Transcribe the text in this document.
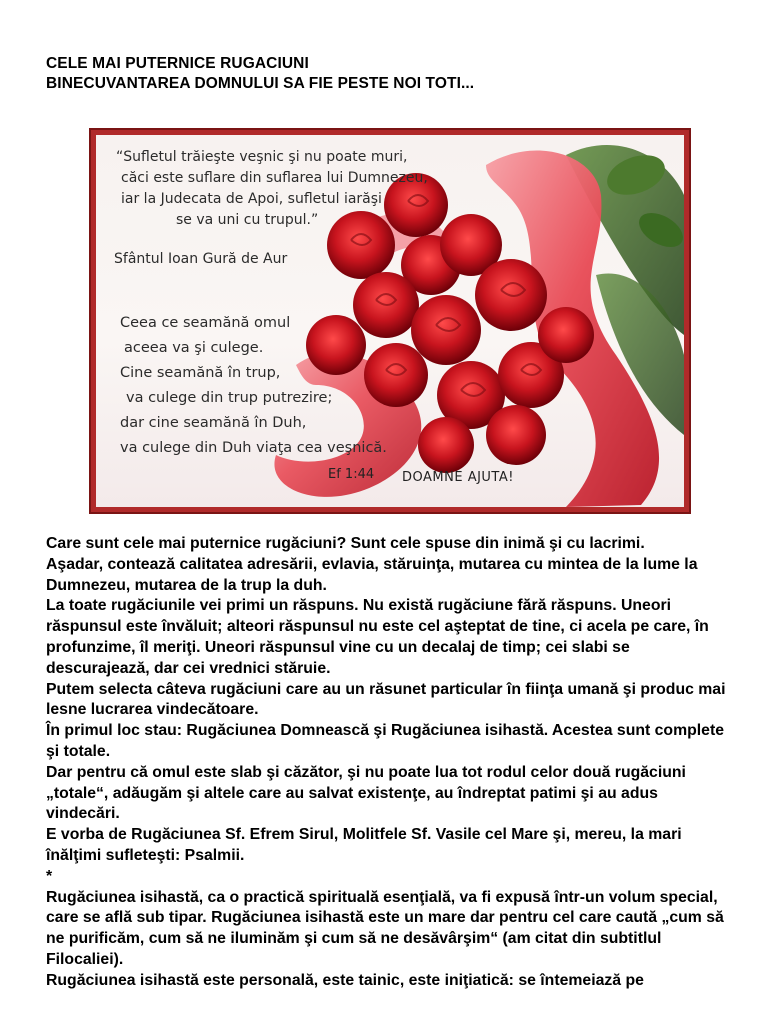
CELE MAI PUTERNICE RUGACIUNI
BINECUVANTAREA DOMNULUI SA FIE PESTE NOI TOTI...
“Sufletul trăieşte veşnic şi nu poate muri,
căci este suflare din suflarea lui Dumnezeu,
iar la Judecata de Apoi, sufletul iarăşi
se va uni cu trupul.”
Sfântul Ioan Gură de Aur
Ceea ce seamănă omul
aceea va şi culege.
Cine seamănă în trup,
va culege din trup putrezire;
dar cine seamănă în Duh,
va culege din Duh viaţa cea veşnică.
Ef 1:44 DOAMNE AJUTA!

Care sunt cele mai puternice rugăciuni? Sunt cele spuse din inimă şi cu lacrimi.

Aşadar, contează calitatea adresării, evlavia, stăruinţa, mutarea cu mintea de la lume la Dumnezeu, mutarea de la trup la duh.

La toate rugăciunile vei primi un răspuns. Nu există rugăciune fără răspuns. Uneori răspunsul este învăluit; alteori răspunsul nu este cel aşteptat de tine, ci acela pe care, în profunzime, îl meriţi. Uneori răspunsul vine cu un decalaj de timp; cei slabi se descurajează, dar cei vrednici stăruie.

Putem selecta câteva rugăciuni care au un răsunet particular în fiinţa umană şi produc mai lesne lucrarea vindecătoare.

În primul loc stau: Rugăciunea Domnească şi Rugăciunea isihastă. Acestea sunt complete şi totale.

Dar pentru că omul este slab şi căzător, şi nu poate lua tot rodul celor două rugăciuni „totale“, adăugăm şi altele care au salvat existenţe, au îndreptat patimi şi au adus vindecări.

E vorba de Rugăciunea Sf. Efrem Sirul, Molitfele Sf. Vasile cel Mare şi, mereu, la mari înălţimi sufleteşti: Psalmii.

*

Rugăciunea isihastă, ca o practică spirituală esenţială, va fi expusă într-un volum special, care se află sub tipar. Rugăciunea isihastă este un mare dar pentru cel care caută „cum să ne purificăm, cum să ne iluminăm şi cum să ne desăvârşim“ (am citat din subtitlul Filocaliei).

Rugăciunea isihastă este personală, este tainic, este iniţiatică: se întemeiază pe
